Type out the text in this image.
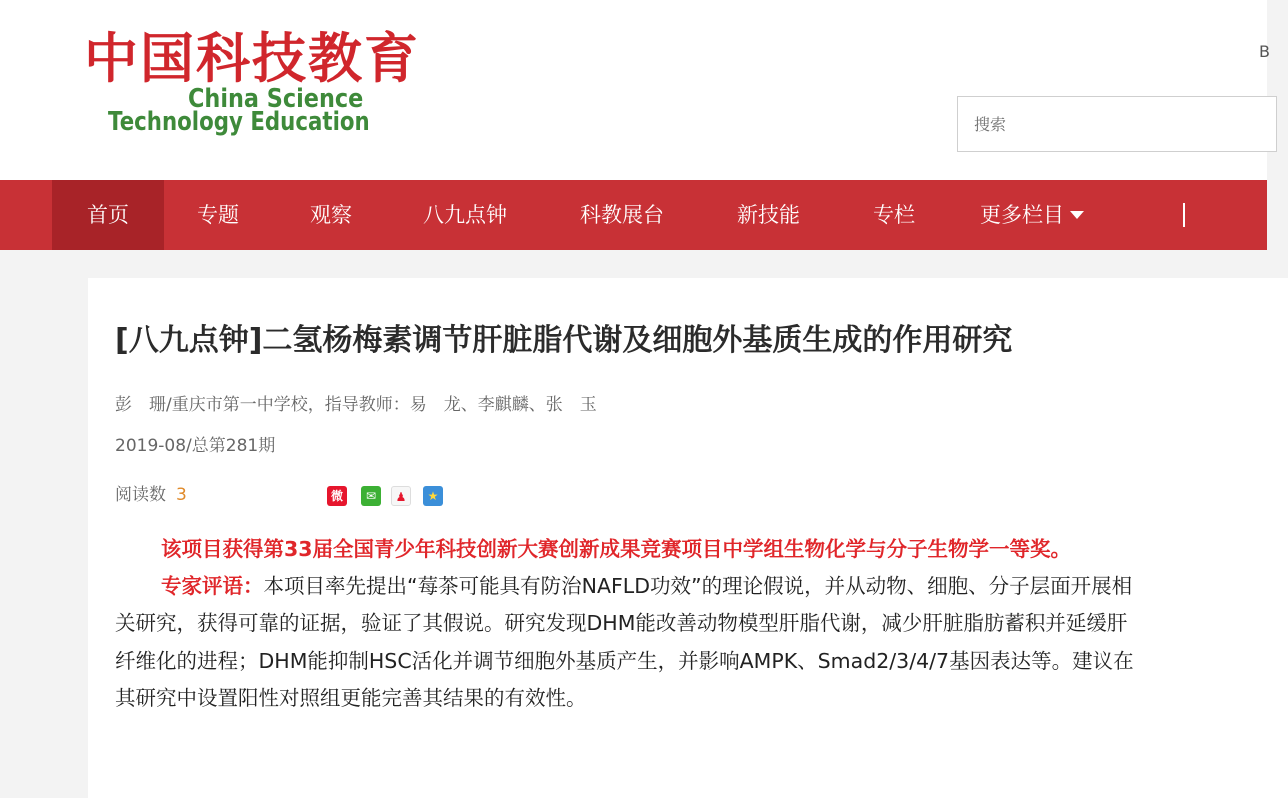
中国科技教育
China Science
Technology Education
B
搜索
首页	专题	观察	八九点钟	科教展台	新技能	专栏	更多栏目
[八九点钟]二氢杨梅素调节肝脏脂代谢及细胞外基质生成的作用研究
彭　珊/重庆市第一中学校，指导教师：易　龙、李麒麟、张　玉
2019-08/总第281期
阅读数 3	微	✉	♟	★
该项目获得第33届全国青少年科技创新大赛创新成果竞赛项目中学组生物化学与分子生物学一等奖。
专家评语：本项目率先提出“莓茶可能具有防治NAFLD功效”的理论假说，并从动物、细胞、分子层面开展相
关研究，获得可靠的证据，验证了其假说。研究发现DHM能改善动物模型肝脂代谢，减少肝脏脂肪蓄积并延缓肝
纤维化的进程；DHM能抑制HSC活化并调节细胞外基质产生，并影响AMPK、Smad2/3/4/7基因表达等。建议在
其研究中设置阳性对照组更能完善其结果的有效性。
